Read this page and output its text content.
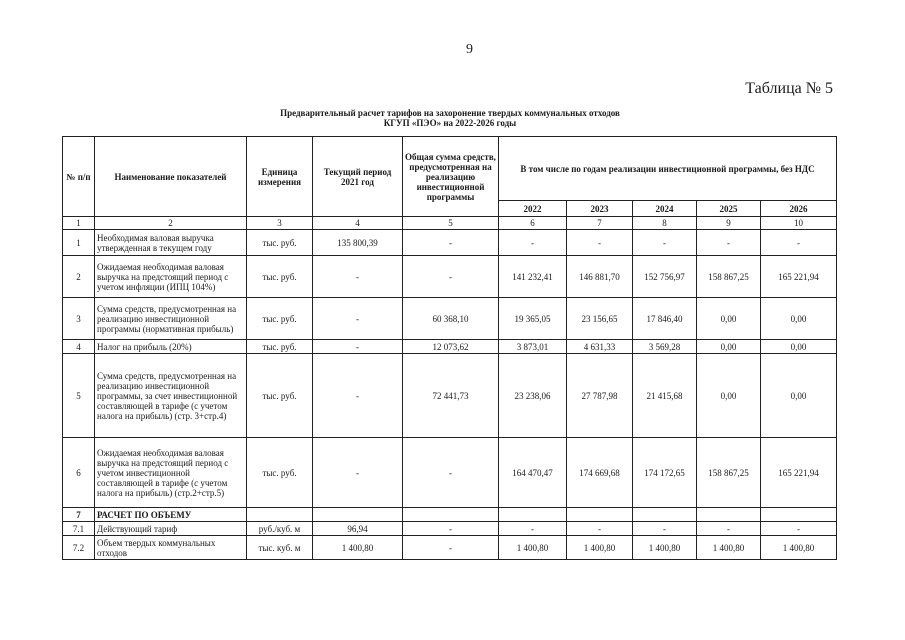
9
Таблица № 5
Предварительный расчет тарифов на захоронение твердых коммунальных отходов
КГУП «ПЭО» на 2022-2026 годы
№ п/п	Наименование показателей	Единица измерения	Текущий период 2021 год	Общая сумма средств, предусмотренная на реализацию инвестиционной программы	В том числе по годам реализации инвестиционной программы, без НДС				
					2022	2023	2024	2025	2026
1	2	3	4	5	6	7	8	9	10
1	Необходимая валовая выручка утвержденная в текущем году	тыс. руб.	135 800,39	-	-	-	-	-	-
2	Ожидаемая необходимая валовая выручка на предстоящий период с учетом инфляции (ИПЦ 104%)	тыс. руб.	-	-	141 232,41	146 881,70	152 756,97	158 867,25	165 221,94
3	Сумма средств, предусмотренная на реализацию инвестиционной программы (нормативная прибыль)	тыс. руб.	-	60 368,10	19 365,05	23 156,65	17 846,40	0,00	0,00
4	Налог на прибыль (20%)	тыс. руб.	-	12 073,62	3 873,01	4 631,33	3 569,28	0,00	0,00
5	Сумма средств, предусмотренная на реализацию инвестиционной программы, за счет инвестиционной составляющей в тарифе (с учетом налога на прибыль) (стр. 3+стр.4)	тыс. руб.	-	72 441,73	23 238,06	27 787,98	21 415,68	0,00	0,00
6	Ожидаемая необходимая валовая выручка на предстоящий период с учетом инвестиционной составляющей в тарифе (с учетом налога на прибыль) (стр.2+стр.5)	тыс. руб.	-	-	164 470,47	174 669,68	174 172,65	158 867,25	165 221,94
7	РАСЧЕТ ПО ОБЪЕМУ								
7.1	Действующий тариф	руб./куб. м	96,94	-	-	-	-	-	-
7.2	Объем твердых коммунальных отходов	тыс. куб. м	1 400,80	-	1 400,80	1 400,80	1 400,80	1 400,80	1 400,80
